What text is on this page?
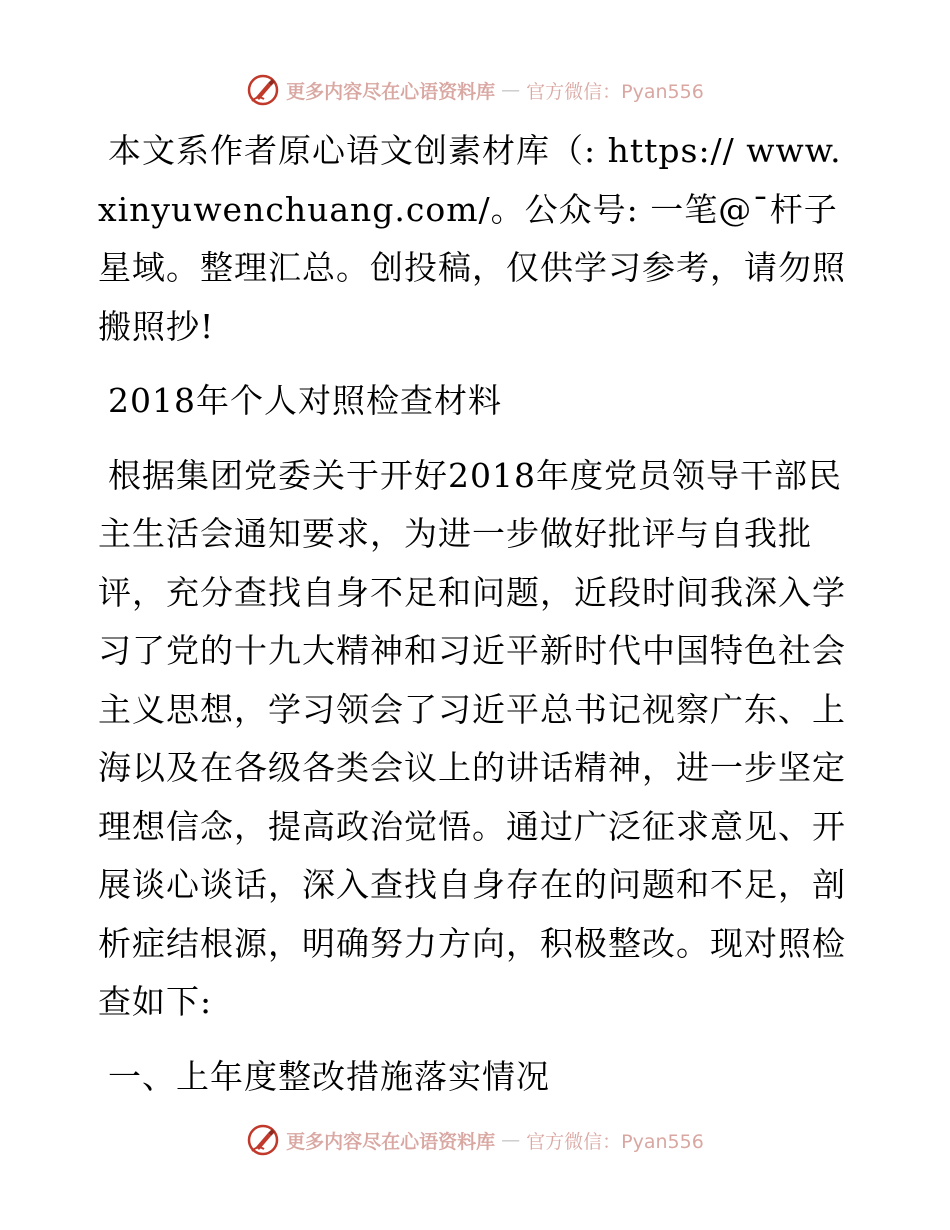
更多内容尽在心语资料库 — 官方微信：Pyan556

本文系作者原心语文创素材库（: https:// www.xinyuwenchuang.com/。公众号: 一笔@¯杆子星域。整理汇总。创投稿，仅供学习参考，请勿照搬照抄!

2018年个人对照检查材料

根据集团党委关于开好2018年度党员领导干部民主生活会通知要求，为进一步做好批评与自我批评，充分查找自身不足和问题，近段时间我深入学习了党的十九大精神和习近平新时代中国特色社会主义思想，学习领会了习近平总书记视察广东、上海以及在各级各类会议上的讲话精神，进一步坚定理想信念，提高政治觉悟。通过广泛征求意见、开展谈心谈话，深入查找自身存在的问题和不足，剖析症结根源，明确努力方向，积极整改。现对照检查如下:

一、上年度整改措施落实情况

更多内容尽在心语资料库 — 官方微信：Pyan556
